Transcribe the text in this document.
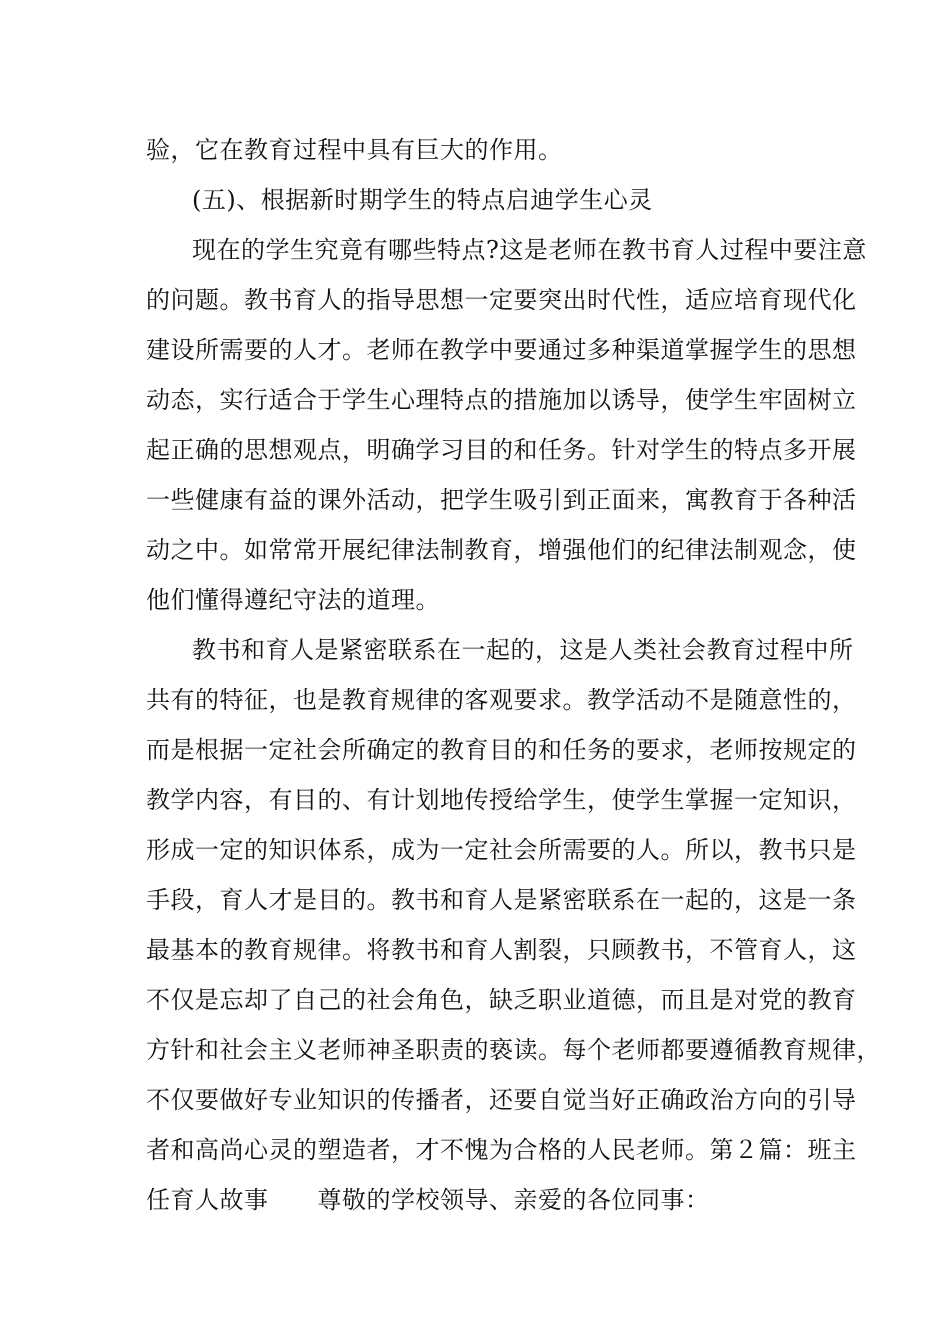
验，它在教育过程中具有巨大的作用。
(五)、根据新时期学生的特点启迪学生心灵
现在的学生究竟有哪些特点?这是老师在教书育人过程中要注意
的问题。教书育人的指导思想一定要突出时代性，适应培育现代化
建设所需要的人才。老师在教学中要通过多种渠道掌握学生的思想
动态，实行适合于学生心理特点的措施加以诱导，使学生牢固树立
起正确的思想观点，明确学习目的和任务。针对学生的特点多开展
一些健康有益的课外活动，把学生吸引到正面来，寓教育于各种活
动之中。如常常开展纪律法制教育，增强他们的纪律法制观念，使
他们懂得遵纪守法的道理。
教书和育人是紧密联系在一起的，这是人类社会教育过程中所
共有的特征，也是教育规律的客观要求。教学活动不是随意性的，
而是根据一定社会所确定的教育目的和任务的要求，老师按规定的
教学内容，有目的、有计划地传授给学生，使学生掌握一定知识，
形成一定的知识体系，成为一定社会所需要的人。所以，教书只是
手段，育人才是目的。教书和育人是紧密联系在一起的，这是一条
最基本的教育规律。将教书和育人割裂，只顾教书，不管育人，这
不仅是忘却了自己的社会角色，缺乏职业道德，而且是对党的教育
方针和社会主义老师神圣职责的亵读。每个老师都要遵循教育规律，
不仅要做好专业知识的传播者，还要自觉当好正确政治方向的引导
者和高尚心灵的塑造者，才不愧为合格的人民老师。第２篇：班主
任育人故事　　尊敬的学校领导、亲爱的各位同事：
